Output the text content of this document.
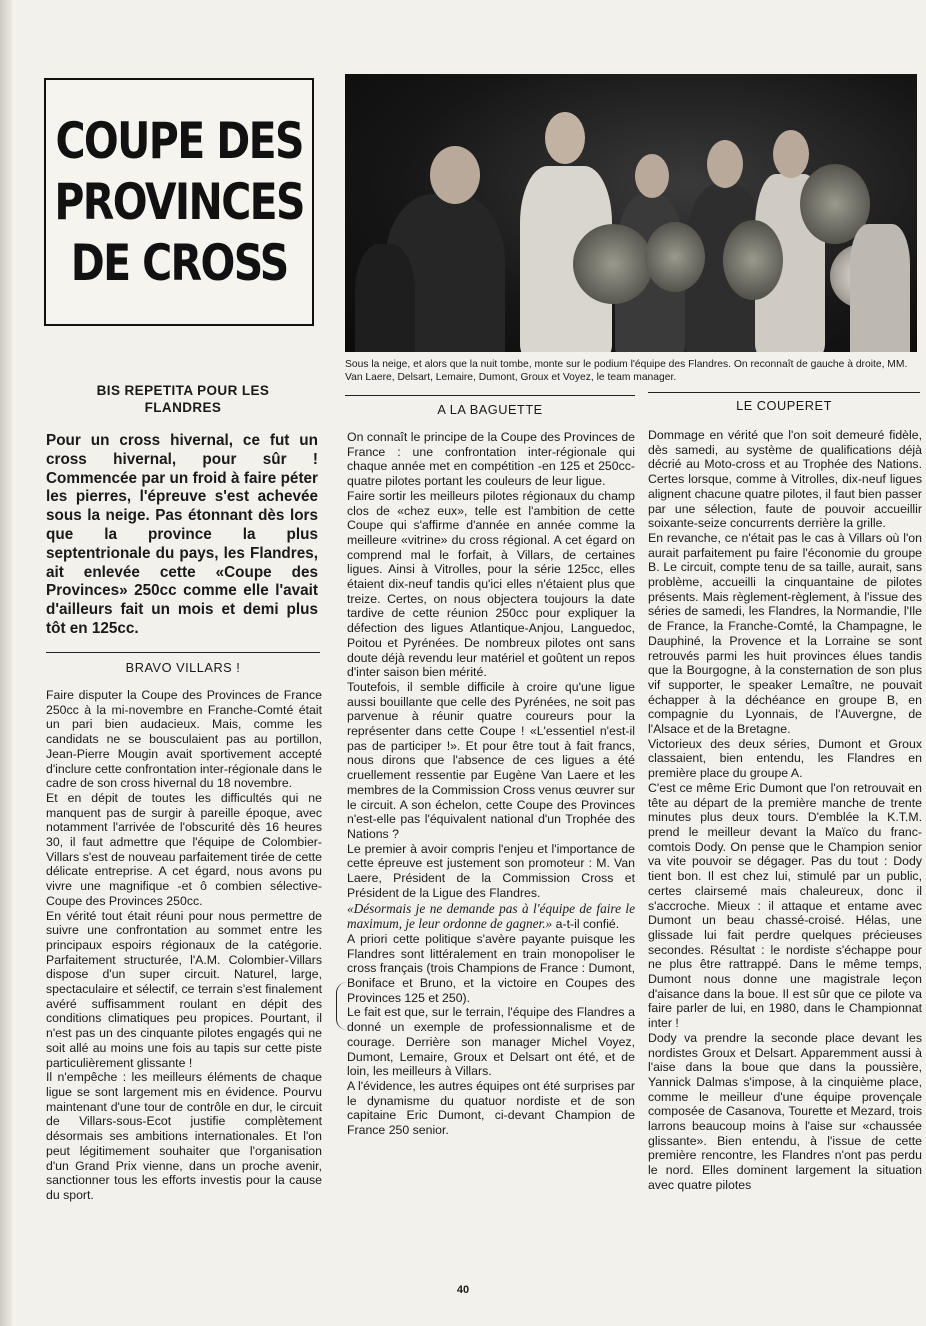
COUPE DES
PROVINCES
DE CROSS
Sous la neige, et alors que la nuit tombe, monte sur le podium l'équipe des Flandres. On reconnaît de gauche à droite, MM. Van Laere, Delsart, Lemaire, Dumont, Groux et Voyez, le team manager.
BIS REPETITA POUR LES FLANDRES
Pour un cross hivernal, ce fut un cross hivernal, pour sûr ! Commencée par un froid à faire péter les pierres, l'épreuve s'est achevée sous la neige. Pas étonnant dès lors que la province la plus septentrionale du pays, les Flandres, ait enlevée cette «Coupe des Provinces» 250cc comme elle l'avait d'ailleurs fait un mois et demi plus tôt en 125cc.
BRAVO VILLARS !
A LA BAGUETTE	LE COUPERET

Faire disputer la Coupe des Provinces de France 250cc à la mi-novembre en Franche-Comté était un pari bien audacieux. Mais, comme les candidats ne se bousculaient pas au portillon, Jean-Pierre Mougin avait sportivement accepté d'inclure cette confrontation inter-régionale dans le cadre de son cross hivernal du 18 novembre.

Et en dépit de toutes les difficultés qui ne manquent pas de surgir à pareille époque, avec notamment l'arrivée de l'obscurité dès 16 heures 30, il faut admettre que l'équipe de Colombier-Villars s'est de nouveau parfaitement tirée de cette délicate entreprise. A cet égard, nous avons pu vivre une magnifique -et ô combien sélective- Coupe des Provinces 250cc.

En vérité tout était réuni pour nous permettre de suivre une confrontation au sommet entre les principaux espoirs régionaux de la catégorie. Parfaitement structurée, l'A.M. Colombier-Villars dispose d'un super circuit. Naturel, large, spectaculaire et sélectif, ce terrain s'est finalement avéré suffisamment roulant en dépit des conditions climatiques peu propices. Pourtant, il n'est pas un des cinquante pilotes engagés qui ne soit allé au moins une fois au tapis sur cette piste particulièrement glissante !

Il n'empêche : les meilleurs éléments de chaque ligue se sont largement mis en évidence. Pourvu maintenant d'une tour de contrôle en dur, le circuit de Villars-sous-Ecot justifie complètement désormais ses ambitions internationales. Et l'on peut légitimement souhaiter que l'organisation d'un Grand Prix vienne, dans un proche avenir, sanctionner tous les efforts investis pour la cause du sport.

On connaît le principe de la Coupe des Provinces de France : une confrontation inter-régionale qui chaque année met en compétition -en 125 et 250cc- quatre pilotes portant les couleurs de leur ligue.

Faire sortir les meilleurs pilotes régionaux du champ clos de «chez eux», telle est l'ambition de cette Coupe qui s'affirme d'année en année comme la meilleure «vitrine» du cross régional. A cet égard on comprend mal le forfait, à Villars, de certaines ligues. Ainsi à Vitrolles, pour la série 125cc, elles étaient dix-neuf tandis qu'ici elles n'étaient plus que treize. Certes, on nous objectera toujours la date tardive de cette réunion 250cc pour expliquer la défection des ligues Atlantique-Anjou, Languedoc, Poitou et Pyrénées. De nombreux pilotes ont sans doute déjà revendu leur matériel et goûtent un repos d'inter saison bien mérité.

Toutefois, il semble difficile à croire qu'une ligue aussi bouillante que celle des Pyrénées, ne soit pas parvenue à réunir quatre coureurs pour la représenter dans cette Coupe ! «L'essentiel n'est-il pas de participer !». Et pour être tout à fait francs, nous dirons que l'absence de ces ligues a été cruellement ressentie par Eugène Van Laere et les membres de la Commission Cross venus œuvrer sur le circuit. A son échelon, cette Coupe des Provinces n'est-elle pas l'équivalent national d'un Trophée des Nations ?

Le premier à avoir compris l'enjeu et l'importance de cette épreuve est justement son promoteur : M. Van Laere, Président de la Commission Cross et Président de la Ligue des Flandres.

«Désormais je ne demande pas à l'équipe de faire le maximum, je leur ordonne de gagner.» a-t-il confié.

A priori cette politique s'avère payante puisque les Flandres sont littéralement en train monopoliser le cross français (trois Champions de France : Dumont, Boniface et Bruno, et la victoire en Coupes des Provinces 125 et 250).

Le fait est que, sur le terrain, l'équipe des Flandres a donné un exemple de professionnalisme et de courage. Derrière son manager Michel Voyez, Dumont, Lemaire, Groux et Delsart ont été, et de loin, les meilleurs à Villars.

A l'évidence, les autres équipes ont été surprises par le dynamisme du quatuor nordiste et de son capitaine Eric Dumont, ci-devant Champion de France 250 senior.

Dommage en vérité que l'on soit demeuré fidèle, dès samedi, au système de qualifications déjà décrié au Moto-cross et au Trophée des Nations. Certes lorsque, comme à Vitrolles, dix-neuf ligues alignent chacune quatre pilotes, il faut bien passer par une sélection, faute de pouvoir accueillir soixante-seize concurrents derrière la grille.

En revanche, ce n'était pas le cas à Villars où l'on aurait parfaitement pu faire l'économie du groupe B. Le circuit, compte tenu de sa taille, aurait, sans problème, accueilli la cinquantaine de pilotes présents. Mais règlement-règlement, à l'issue des séries de samedi, les Flandres, la Normandie, l'Ile de France, la Franche-Comté, la Champagne, le Dauphiné, la Provence et la Lorraine se sont retrouvés parmi les huit provinces élues tandis que la Bourgogne, à la consternation de son plus vif supporter, le speaker Lemaître, ne pouvait échapper à la déchéance en groupe B, en compagnie du Lyonnais, de l'Auvergne, de l'Alsace et de la Bretagne.

Victorieux des deux séries, Dumont et Groux classaient, bien entendu, les Flandres en première place du groupe A.

C'est ce même Eric Dumont que l'on retrouvait en tête au départ de la première manche de trente minutes plus deux tours. D'emblée la K.T.M. prend le meilleur devant la Maïco du franc-comtois Dody. On pense que le Champion senior va vite pouvoir se dégager. Pas du tout : Dody tient bon. Il est chez lui, stimulé par un public, certes clairsemé mais chaleureux, donc il s'accroche. Mieux : il attaque et entame avec Dumont un beau chassé-croisé. Hélas, une glissade lui fait perdre quelques précieuses secondes. Résultat : le nordiste s'échappe pour ne plus être rattrappé. Dans le même temps, Dumont nous donne une magistrale leçon d'aisance dans la boue. Il est sûr que ce pilote va faire parler de lui, en 1980, dans le Championnat inter !

Dody va prendre la seconde place devant les nordistes Groux et Delsart. Apparemment aussi à l'aise dans la boue que dans la poussière, Yannick Dalmas s'impose, à la cinquième place, comme le meilleur d'une équipe provençale composée de Casanova, Tourette et Mezard, trois larrons beaucoup moins à l'aise sur «chaussée glissante». Bien entendu, à l'issue de cette première rencontre, les Flandres n'ont pas perdu le nord. Elles dominent largement la situation avec quatre pilotes

40
